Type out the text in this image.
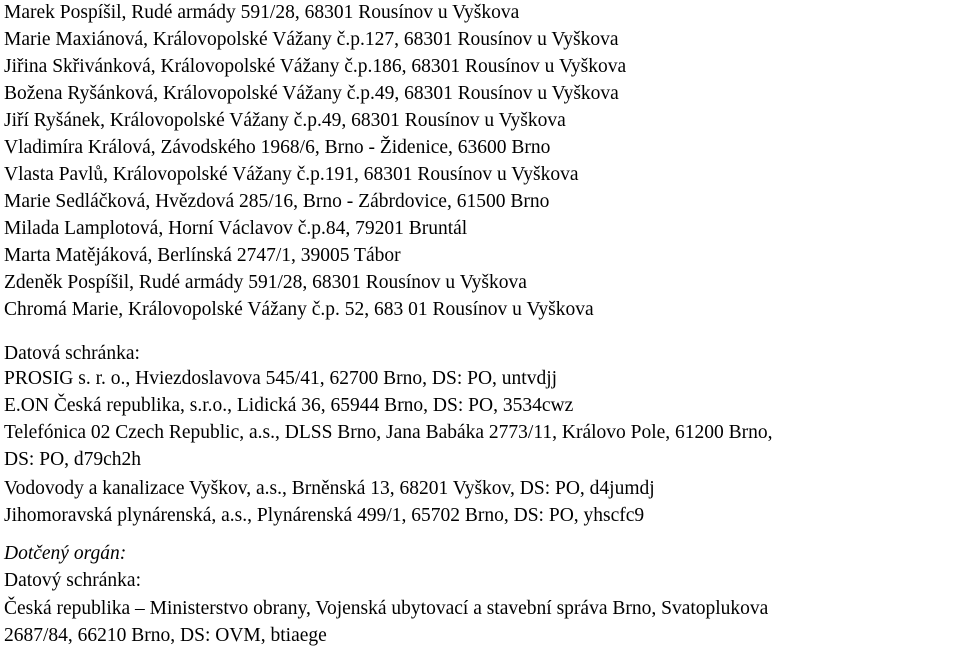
Marek Pospíšil, Rudé armády 591/28, 68301 Rousínov u Vyškova
Marie Maxiánová, Královopolské Vážany č.p.127, 68301 Rousínov u Vyškova
Jiřina Skřivánková, Královopolské Vážany č.p.186, 68301 Rousínov u Vyškova
Božena Ryšánková, Královopolské Vážany č.p.49, 68301 Rousínov u Vyškova
Jiří Ryšánek, Královopolské Vážany č.p.49, 68301 Rousínov u Vyškova
Vladimíra Králová, Závodského 1968/6, Brno - Židenice, 63600 Brno
Vlasta Pavlů, Královopolské Vážany č.p.191, 68301 Rousínov u Vyškova
Marie Sedláčková, Hvězdová 285/16, Brno - Zábrdovice, 61500 Brno
Milada Lamplotová, Horní Václavov č.p.84, 79201 Bruntál
Marta Matějáková, Berlínská 2747/1, 39005 Tábor
Zdeněk Pospíšil, Rudé armády 591/28, 68301 Rousínov u Vyškova
Chromá Marie, Královopolské Vážany č.p. 52, 683 01 Rousínov u Vyškova
Datová schránka:
PROSIG s. r. o., Hviezdoslavova 545/41, 62700 Brno, DS: PO, untvdjj
E.ON Česká republika, s.r.o., Lidická 36, 65944 Brno, DS: PO, 3534cwz
Telefónica 02 Czech Republic, a.s., DLSS Brno, Jana Babáka 2773/11, Královo Pole, 61200 Brno,
DS: PO, d79ch2h
Vodovody a kanalizace Vyškov, a.s., Brněnská 13, 68201 Vyškov, DS: PO, d4jumdj
Jihomoravská plynárenská, a.s., Plynárenská 499/1, 65702 Brno, DS: PO, yhscfc9
Dotčený orgán:
Datový schránka:
Česká republika – Ministerstvo obrany, Vojenská ubytovací a stavební správa Brno, Svatoplukova
2687/84, 66210 Brno, DS: OVM, btiaege
